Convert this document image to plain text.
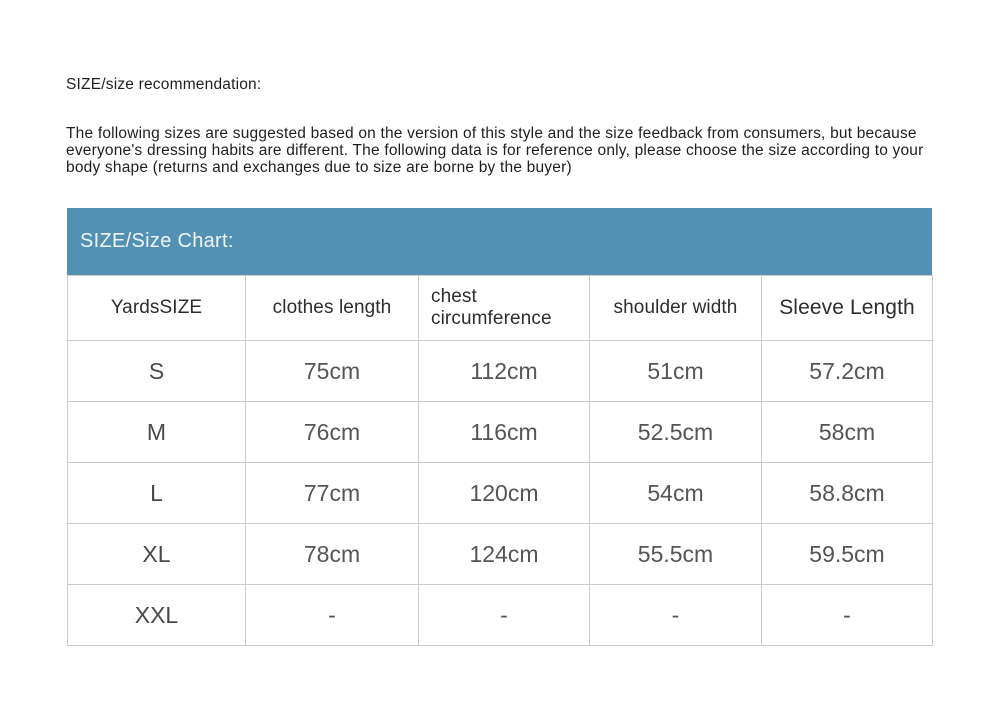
SIZE/size recommendation:
The following sizes are suggested based on the version of this style and the size feedback from consumers, but because everyone's dressing habits are different. The following data is for reference only, please choose the size according to your body shape (returns and exchanges due to size are borne by the buyer)
SIZE/Size Chart:
YardsSIZE	clothes length	chest circumference	shoulder width	Sleeve Length
S	75cm	112cm	51cm	57.2cm
M	76cm	116cm	52.5cm	58cm
L	77cm	120cm	54cm	58.8cm
XL	78cm	124cm	55.5cm	59.5cm
XXL	-	-	-	-
